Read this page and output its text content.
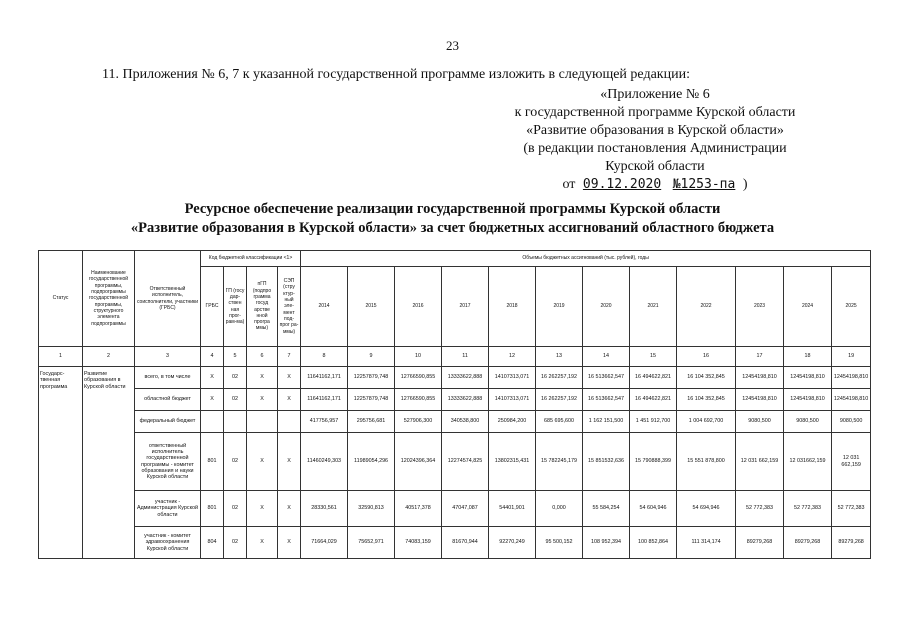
23
11. Приложения № 6, 7 к указанной государственной программе изложить в следующей редакции:
«Приложение № 6
к государственной программе Курской области
«Развитие образования в Курской области»
(в редакции постановления Администрации
Курской области
от 09.12.2020 №1253-па )
Ресурсное обеспечение реализации государственной программы Курской области
«Развитие образования в Курской области» за счет бюджетных ассигнований областного бюджета
Статус	Наименование государственной программы, подпрограммы государственной программы, структурного элемента подпрограммы	Ответственный исполнитель, соисполнители, участники (ГРБС)	Код бюджетной классификации <1>				Объемы бюджетных ассигнований (тыс. рублей), годы											
			ГРБС	ГП (госу дар-ствен ная прог-рам-ма)	пГП (подпро грамма госуд арстве нной програ ммы)	СЭП (стру ктур-ный эле-мент под-прог ра-ммы)	2014	2015	2016	2017	2018	2019	2020	2021	2022	2023	2024	2025
1	2	3	4	5	6	7	8	9	10	11	12	13	14	15	16	17	18	19
Государс-твенная программа	Развитие образования в Курской области	всего, в том числе	X	02	X	X	11641162,171	12257879,748	12766590,855	13333622,888	14107313,071	16 262257,192	16 513662,547	16 494622,821	16 104 352,845	12454198,810	12454198,810	12454198,810
		областной бюджет	X	02	X	X	11641162,171	12257879,748	12766590,855	13333622,888	14107313,071	16 262257,192	16 513662,547	16 494622,821	16 104 352,845	12454198,810	12454198,810	12454198,810
		федеральный бюджет					417756,957	295756,681	527906,300	340538,800	250984,200	685 695,600	1 162 151,500	1 451 912,700	1 004 692,700	9080,500	9080,500	9080,500
		ответственный исполнитель государственной программы - комитет образования и науки Курской области	801	02	X	X	11460249,303	11989054,296	12024396,364	12274574,825	13802315,431	15 782245,179	15 851532,636	15 790888,399	15 551 878,800	12 031 662,159	12 031662,159	12 031 662,159
		участник - Администрация Курской области	801	02	X	X	28330,561	32590,813	40517,378	47047,087	54401,901	0,000	55 584,254	54 604,946	54 694,946	52 772,383	52 772,383	52 772,383
		участник - комитет здравоохранения Курской области	804	02	X	X	71664,029	75652,971	74083,159	81670,944	92270,249	95 500,152	108 952,394	100 852,864	111 314,174	89279,268	89279,268	89279,268
